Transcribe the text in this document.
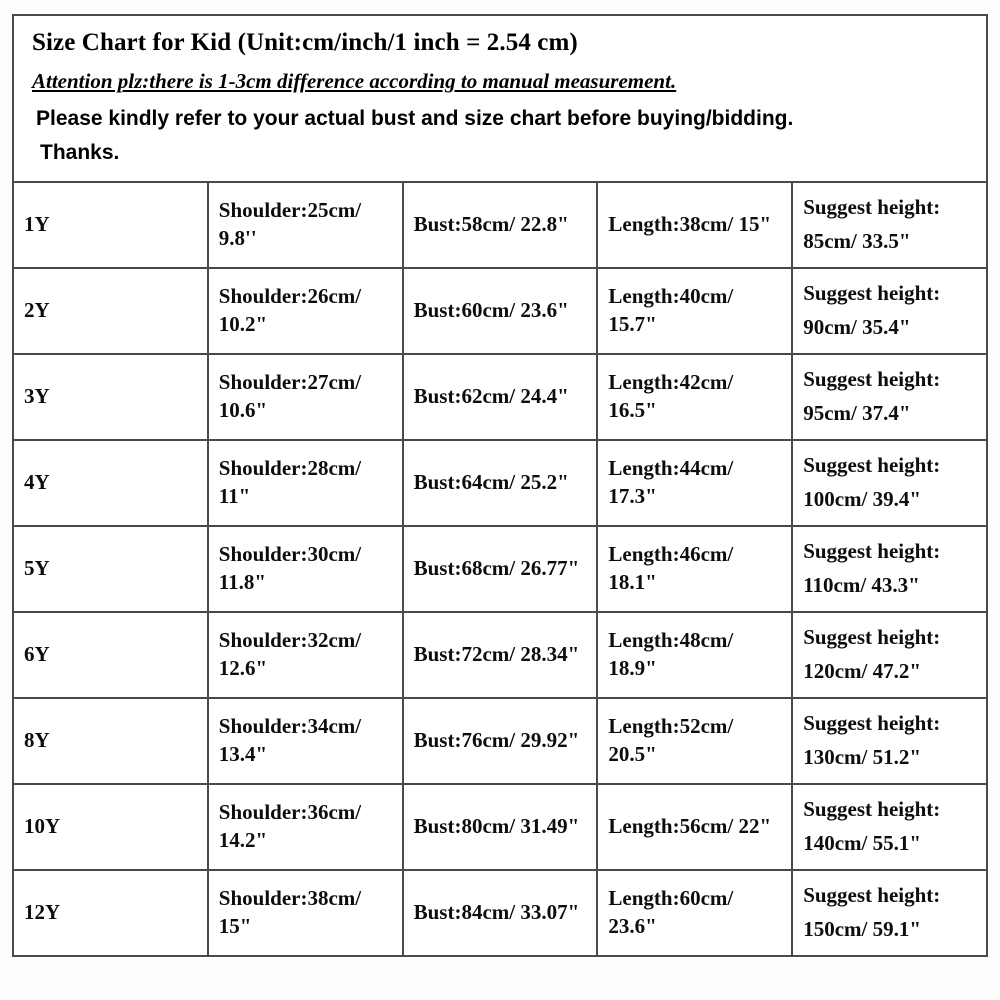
Size Chart for Kid (Unit:cm/inch/1 inch = 2.54 cm)
Attention plz:there is 1-3cm difference according to manual measurement.
Please kindly refer to your actual bust and size chart before buying/bidding.
Thanks.				

1Y	Shoulder:25cm/ 9.8''	Bust:58cm/ 22.8"	Length:38cm/ 15"	Suggest height:
85cm/ 33.5"

2Y	Shoulder:26cm/ 10.2"	Bust:60cm/ 23.6"	Length:40cm/ 15.7"	Suggest height:
90cm/ 35.4"

3Y	Shoulder:27cm/ 10.6"	Bust:62cm/ 24.4"	Length:42cm/ 16.5"	Suggest height:
95cm/ 37.4"

4Y	Shoulder:28cm/ 11"	Bust:64cm/ 25.2"	Length:44cm/ 17.3"	Suggest height:
100cm/ 39.4"

5Y	Shoulder:30cm/ 11.8"	Bust:68cm/ 26.77"	Length:46cm/ 18.1"	Suggest height:
110cm/ 43.3"

6Y	Shoulder:32cm/ 12.6"	Bust:72cm/ 28.34"	Length:48cm/ 18.9"	Suggest height:
120cm/ 47.2"

8Y	Shoulder:34cm/ 13.4"	Bust:76cm/ 29.92"	Length:52cm/ 20.5"	Suggest height:
130cm/ 51.2"

10Y	Shoulder:36cm/ 14.2"	Bust:80cm/ 31.49"	Length:56cm/ 22"	Suggest height:
140cm/ 55.1"

12Y	Shoulder:38cm/ 15"	Bust:84cm/ 33.07"	Length:60cm/ 23.6"	Suggest height:
150cm/ 59.1"
